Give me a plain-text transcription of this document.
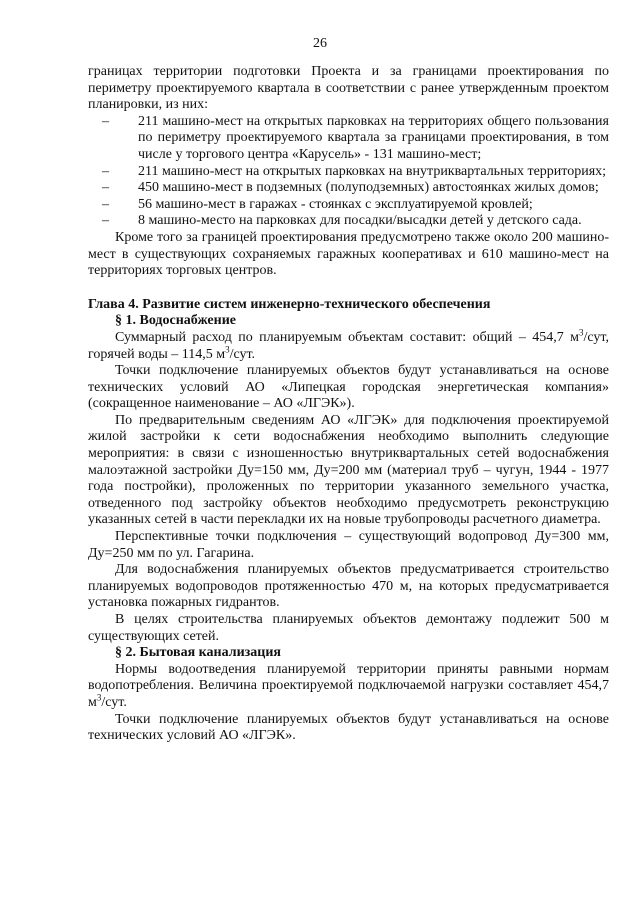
26

границах территории подготовки Проекта и за границами проектирования по периметру проектируемого квартала в соответствии с ранее утвержденным проектом планировки, из них:

–	211 машино-мест на открытых парковках на территориях общего пользования по периметру проектируемого квартала за границами проектирования, в том числе у торгового центра «Карусель» - 131 машино-мест;
–	211 машино-мест на открытых парковках на внутриквартальных территориях;
–	450 машино-мест в подземных (полуподземных) автостоянках жилых домов;
–	56 машино-мест в гаражах - стоянках с эксплуатируемой кровлей;
–	8 машино-место на парковках для посадки/высадки детей у детского сада.

Кроме того за границей проектирования предусмотрено также около 200 машино-мест в существующих сохраняемых гаражных кооперативах и 610 машино-мест на территориях торговых центров.

Глава 4. Развитие систем инженерно-технического обеспечения

§ 1. Водоснабжение

Суммарный расход по планируемым объектам составит: общий – 454,7 $м^3$/сут, горячей воды – 114,5 $м^3$/сут.

Точки подключение планируемых объектов будут устанавливаться на основе технических условий АО «Липецкая городская энергетическая компания» (сокращенное наименование – АО «ЛГЭК»).

По предварительным сведениям АО «ЛГЭК» для подключения проектируемой жилой застройки к сети водоснабжения необходимо выполнить следующие мероприятия: в связи с изношенностью внутриквартальных сетей водоснабжения малоэтажной застройки Ду=150 мм, Ду=200 мм (материал труб – чугун, 1944 - 1977 года постройки), проложенных по территории указанного земельного участка, отведенного под застройку объектов необходимо предусмотреть реконструкцию указанных сетей в части перекладки их на новые трубопроводы расчетного диаметра.

Перспективные точки подключения – существующий водопровод Ду=300 мм, Ду=250 мм по ул. Гагарина.

Для водоснабжения планируемых объектов предусматривается строительство планируемых водопроводов протяженностью 470 м, на которых предусматривается установка пожарных гидрантов.

В целях строительства планируемых объектов демонтажу подлежит 500 м существующих сетей.

§ 2. Бытовая канализация

Нормы водоотведения планируемой территории приняты равными нормам водопотребления. Величина проектируемой подключаемой нагрузки составляет 454,7 $м^3$/сут.

Точки подключение планируемых объектов будут устанавливаться на основе технических условий АО «ЛГЭК».
